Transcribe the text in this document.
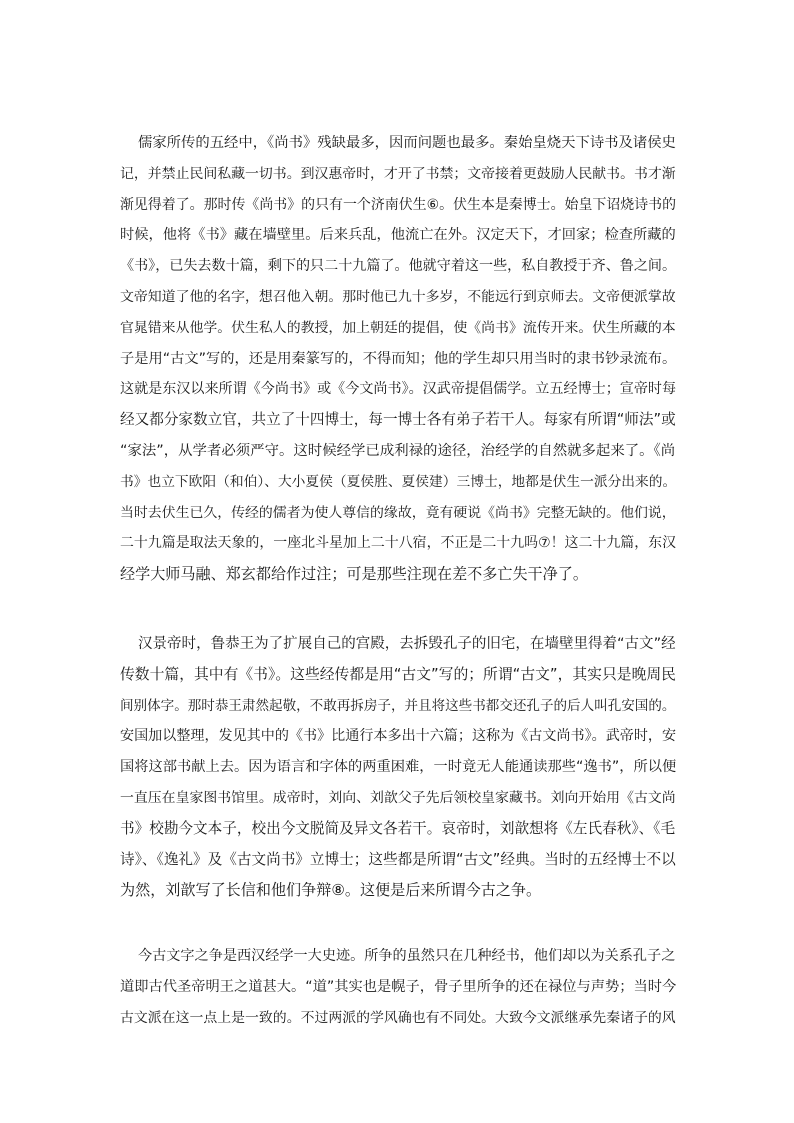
儒家所传的五经中，《尚书》残缺最多，因而问题也最多。秦始皇烧天下诗书及诸侯史
记，并禁止民间私藏一切书。到汉惠帝时，才开了书禁；文帝接着更鼓励人民献书。书才渐
渐见得着了。那时传《尚书》的只有一个济南伏生⑥。伏生本是秦博士。始皇下诏烧诗书的
时候，他将《书》藏在墙壁里。后来兵乱，他流亡在外。汉定天下，才回家；检查所藏的
《书》，已失去数十篇，剩下的只二十九篇了。他就守着这一些，私自教授于齐、鲁之间。
文帝知道了他的名字，想召他入朝。那时他已九十多岁，不能远行到京师去。文帝便派掌故
官晁错来从他学。伏生私人的教授，加上朝廷的提倡，使《尚书》流传开来。伏生所藏的本
子是用“古文”写的，还是用秦篆写的，不得而知；他的学生却只用当时的隶书钞录流布。
这就是东汉以来所谓《今尚书》或《今文尚书》。汉武帝提倡儒学。立五经博士；宣帝时每
经又都分家数立官，共立了十四博士，每一博士各有弟子若干人。每家有所谓“师法”或
“家法”，从学者必须严守。这时候经学已成利禄的途径，治经学的自然就多起来了。《尚
书》也立下欧阳（和伯）、大小夏侯（夏侯胜、夏侯建）三博士，地都是伏生一派分出来的。
当时去伏生已久，传经的儒者为使人尊信的缘故，竟有硬说《尚书》完整无缺的。他们说，
二十九篇是取法天象的，一座北斗星加上二十八宿，不正是二十九吗⑦！这二十九篇，东汉
经学大师马融、郑玄都给作过注；可是那些注现在差不多亡失干净了。

汉景帝时，鲁恭王为了扩展自己的宫殿，去拆毁孔子的旧宅，在墙壁里得着“古文”经
传数十篇，其中有《书》。这些经传都是用“古文”写的；所谓“古文”，其实只是晚周民
间别体字。那时恭王肃然起敬，不敢再拆房子，并且将这些书都交还孔子的后人叫孔安国的。
安国加以整理，发见其中的《书》比通行本多出十六篇；这称为《古文尚书》。武帝时，安
国将这部书献上去。因为语言和字体的两重困难，一时竟无人能通读那些“逸书”，所以便
一直压在皇家图书馆里。成帝时，刘向、刘歆父子先后领校皇家藏书。刘向开始用《古文尚
书》校勘今文本子，校出今文脱简及异文各若干。哀帝时，刘歆想将《左氏春秋》、《毛
诗》、《逸礼》及《古文尚书》立博士；这些都是所谓“古文”经典。当时的五经博士不以
为然，刘歆写了长信和他们争辩⑧。这便是后来所谓今古之争。

今古文字之争是西汉经学一大史迹。所争的虽然只在几种经书，他们却以为关系孔子之
道即古代圣帝明王之道甚大。“道”其实也是幌子，骨子里所争的还在禄位与声势；当时今
古文派在这一点上是一致的。不过两派的学风确也有不同处。大致今文派继承先秦诸子的风
